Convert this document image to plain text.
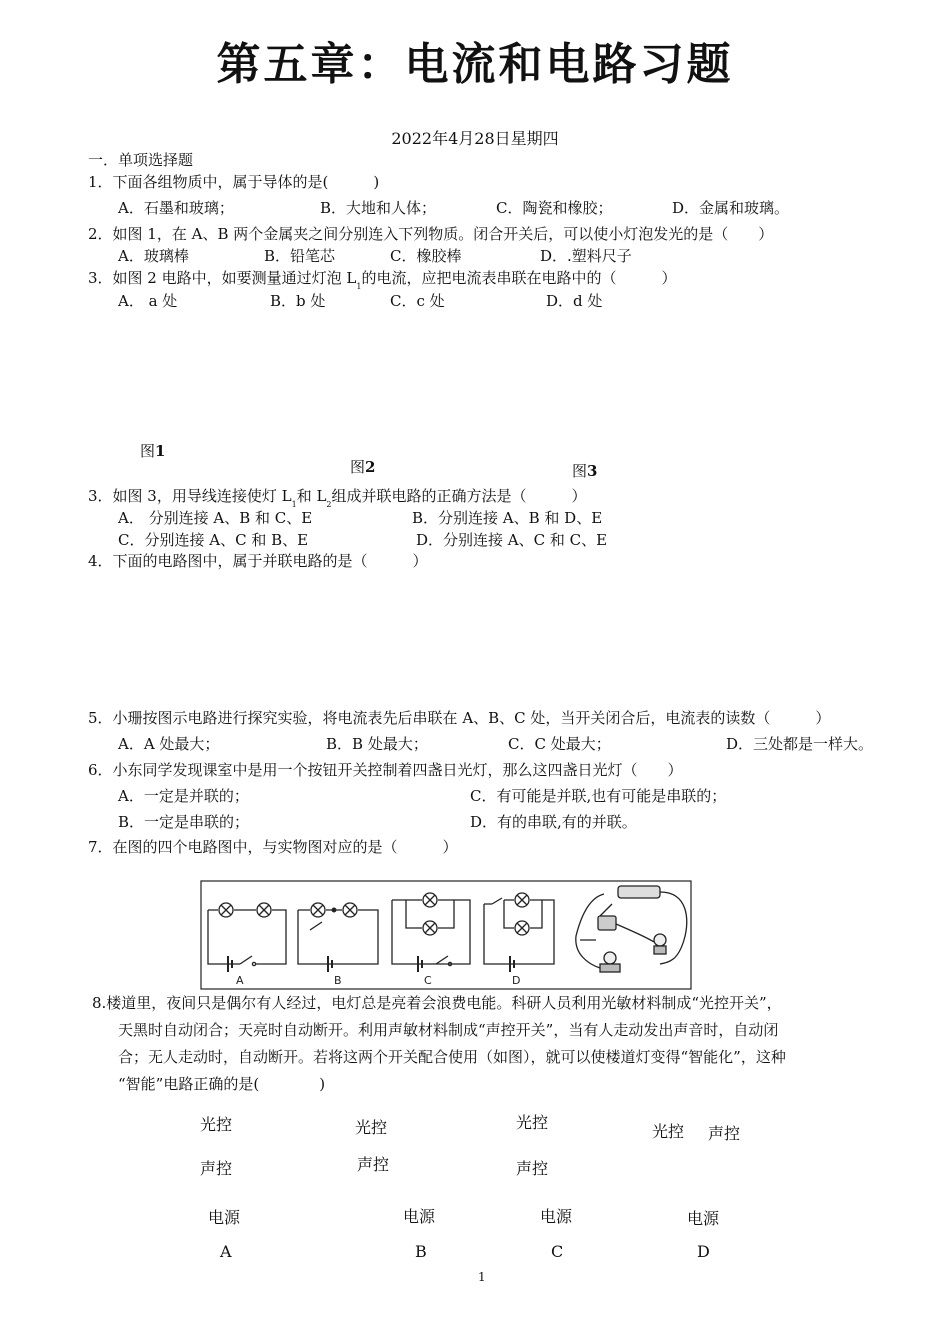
第五章：电流和电路习题
2022年4月28日星期四
一．单项选择题
1．下面各组物质中，属于导体的是(　　　)
A．石墨和玻璃；	B．大地和人体；	C．陶瓷和橡胶；	D．金属和玻璃。
2．如图 1，在 A、B 两个金属夹之间分别连入下列物质。闭合开关后，可以使小灯泡发光的是（　　）
A．玻璃棒	B．铅笔芯	C．橡胶棒	D．.塑料尺子
3．如图 2 电路中，如要测量通过灯泡 $L_1$的电流，应把电流表串联在电路中的（　　　）
A． a 处	B．b 处	C．c 处	D．d 处
图1
图2	图3
3．如图 3，用导线连接使灯 $L_1$和 $L_2$组成并联电路的正确方法是（　　　）
A． 分别连接 A、B 和 C、E	B．分别连接 A、B 和 D、E
C．分别连接 A、C 和 B、E	D．分别连接 A、C 和 C、E
4．下面的电路图中，属于并联电路的是（　　　）
5．小珊按图示电路进行探究实验，将电流表先后串联在 A、B、C 处，当开关闭合后，电流表的读数（　　　）
A．A 处最大；	B．B 处最大；	C．C 处最大；	D．三处都是一样大。
6．小东同学发现课室中是用一个按钮开关控制着四盏日光灯，那么这四盏日光灯（　　）
A．一定是并联的；	C．有可能是并联,也有可能是串联的；
B．一定是串联的；	D．有的串联,有的并联。
7．在图的四个电路图中，与实物图对应的是（　　　）
A	B	C	D
8.楼道里，夜间只是偶尔有人经过，电灯总是亮着会浪费电能。科研人员利用光敏材料制成“光控开关”，
天黑时自动闭合；天亮时自动断开。利用声敏材料制成“声控开关”，当有人走动发出声音时，自动闭
合；无人走动时，自动断开。若将这两个开关配合使用（如图），就可以使楼道灯变得“智能化”，这种
“智能”电路正确的是(　　　　)
光控
声控
光控
声控
光控
声控
光控 声控
电源	电源	电源	电源
A	B	C	D
1
